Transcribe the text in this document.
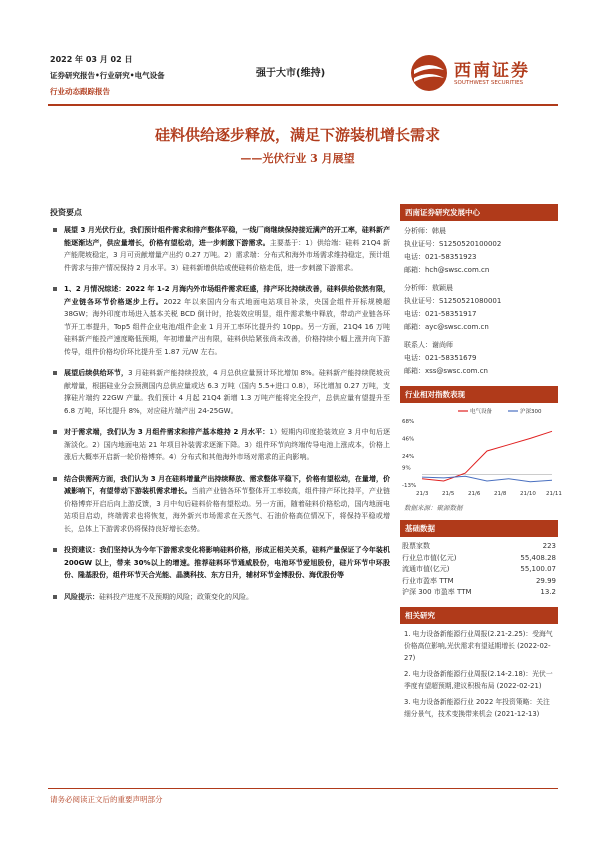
2022 年 03 月 02 日
证券研究报告•行业研究•电气设备
行业动态跟踪报告
强于大市(维持)	西南证券
SOUTHWEST SECURITIES
硅料供给逐步释放，满足下游装机增长需求
——光伏行业 3 月展望
投资要点
展望 3 月光伏行业，我们预计组件需求和排产整体平稳，一线厂商继续保持接近满产的开工率，硅料新产能逐渐达产，供应量增长，价格有望松动，进一步刺激下游需求。主要基于：1）供给端：硅料 21Q4 新产能爬坡稳定，3 月可贡献增量产出约 0.27 万吨。2）需求端：分布式和海外市场需求维持稳定，预计组件需求与排产情况保持 2 月水平。3）硅料新增供给或使硅料价格走低，进一步刺激下游需求。
1、2 月情况综述：2022 年 1-2 月海内外市场组件需求旺盛，排产环比持续改善，硅料供给依然有限，产业链各环节价格逐步上行。2022 年以来国内分布式地面电站项目补录，央国企组件开标规模超 38GW；海外印度市场进入基本关税 BCD 倒计时，抢装效应明显，组件需求集中释放，带动产业链各环节开工率提升，Top5 组件企业电池/组件企业 1 月开工率环比提升约 10pp。另一方面，21Q4 16 万吨硅料新产能投产速度略低预期，年初增量产出有限，硅料供给紧张尚未改善，价格持续小幅上涨并向下游传导，组件价格均价环比提升至 1.87 元/W 左右。
展望后续供给环节，3 月硅料新产能持续投放，4 月总供应量预计环比增加 8%。硅料新产能持续爬坡贡献增量，根据硅业分会预测国内总供应量或达 6.3 万吨（国内 5.5+进口 0.8），环比增加 0.27 万吨，支撑硅片端约 22GW 产量。我们预计 4 月起 21Q4 新增 1.3 万吨产能将完全投产，总供应量有望提升至 6.8 万吨，环比提升 8%，对应硅片端产出 24-25GW。
对于需求端，我们认为 3 月组件需求和排产基本维持 2 月水平：1）短期内印度抢装效应 3 月中旬后逐渐淡化。2）国内地面电站 21 年项目补装需求逐渐下降。3）组件环节向终端传导电池上涨成本，价格上涨后大概率开启新一轮价格博弈。4）分布式和其他海外市场对需求的正向影响。
结合供需两方面，我们认为 3 月在硅料增量产出持续释放、需求整体平稳下，价格有望松动，在量增，价减影响下，有望带动下游装机需求增长。当前产业链各环节整体开工率较高，组件排产环比持平，产业链价格博弈开启后向上游反馈，3 月中旬后硅料价格有望松动。另一方面，随着硅料价格松动，国内地面电站项目启动，终端需求也将恢复，海外新兴市场需求在天然气、石油价格高位情况下，将保持平稳或增长，总体上下游需求仍将保持良好增长态势。
投资建议：我们坚持认为今年下游需求变化将影响硅料价格，形成正相关关系，硅料产量保证了今年装机 200GW 以上，带来 30%以上的增速。推荐硅料环节通威股份，电池环节爱旭股份，硅片环节中环股份、隆基股份，组件环节天合光能、晶澳科技、东方日升，辅材环节金博股份、海优股份等
风险提示：硅料投产进度不及预期的风险；政策变化的风险。
西南证券研究发展中心
分析师：韩晨
执业证号：S1250520100002
电话：021-58351923
邮箱：hch@swsc.com.cn
分析师：敖颖晨
执业证号：S1250521080001
电话：021-58351917
邮箱：ayc@swsc.com.cn
联系人：谢尚师
电话：021-58351679
邮箱：xss@swsc.com.cn
行业相对指数表现
电气设备	沪深300
68%
46%
24%
9%
-13%
21/3 21/5 21/6 21/8 21/10 21/11
数据来源：聚源数据
基础数据
股票家数	223
行业总市值(亿元)	55,408.28
流通市值(亿元)	55,100.07
行业市盈率 TTM	29.99
沪深 300 市盈率 TTM	13.2
相关研究
1. 电力设备新能源行业周报(2.21-2.25)：受海气价格高位影响,光伏需求有望延期增长 (2022-02-27)
2. 电力设备新能源行业周报(2.14-2.18)：光伏一季度有望超预期,建议积极布局 (2022-02-21)
3. 电力设备新能源行业 2022 年投资策略：关注细分景气，技术变换带来机会 (2021-12-13)
请务必阅读正文后的重要声明部分
